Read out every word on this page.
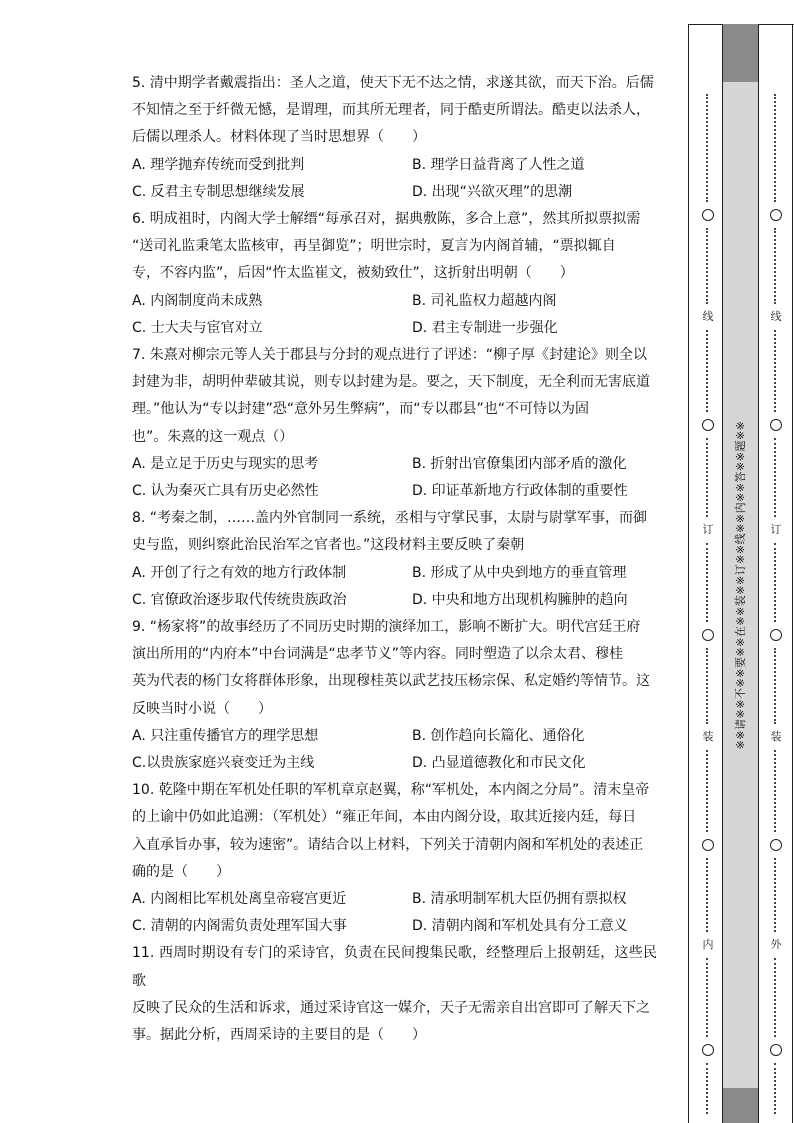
5. 清中期学者戴震指出：圣人之道，使天下无不达之情，求遂其欲，而天下治。后儒

不知情之至于纤微无憾，是谓理，而其所无理者，同于酷吏所谓法。酷吏以法杀人，

后儒以理杀人。材料体现了当时思想界（　　）

A. 理学抛弃传统而受到批判	B. 理学日益背离了人性之道
C. 反君主专制思想继续发展	D. 出现“兴欲灭理”的思潮

6. 明成祖时，内阁大学士解缙“每承召对，据典敷陈，多合上意”，然其所拟票拟需

“送司礼监秉笔太监核审，再呈御览”；明世宗时，夏言为内阁首辅，“票拟辄自

专，不容内监”，后因“忤太监崔文，被劾致仕”，这折射出明朝（　　）

A. 内阁制度尚未成熟	B. 司礼监权力超越内阁
C. 士大夫与宦官对立	D. 君主专制进一步强化

7. 朱熹对柳宗元等人关于郡县与分封的观点进行了评述：“柳子厚《封建论》则全以

封建为非，胡明仲辈破其说，则专以封建为是。要之，天下制度，无全利而无害底道

理。”他认为“专以封建”恐“意外另生弊病”，而“专以郡县”也“不可恃以为固

也”。朱熹的这一观点（）

A. 是立足于历史与现实的思考	B. 折射出官僚集团内部矛盾的激化
C. 认为秦灭亡具有历史必然性	D. 印证革新地方行政体制的重要性

8. “考秦之制，……盖内外官制同一系统，丞相与守掌民事，太尉与尉掌军事，而御

史与监，则纠察此治民治军之官者也。”这段材料主要反映了秦朝

A. 开创了行之有效的地方行政体制	B. 形成了从中央到地方的垂直管理
C. 官僚政治逐步取代传统贵族政治	D. 中央和地方出现机构臃肿的趋向

9. “杨家将”的故事经历了不同历史时期的演绎加工，影响不断扩大。明代宫廷王府

演出所用的“内府本”中台词满是“忠孝节义”等内容。同时塑造了以佘太君、穆桂

英为代表的杨门女将群体形象，出现穆桂英以武艺技压杨宗保、私定婚约等情节。这

反映当时小说（　　）

A. 只注重传播官方的理学思想	B. 创作趋向长篇化、通俗化
C.以贵族家庭兴衰变迁为主线	D. 凸显道德教化和市民文化

10. 乾隆中期在军机处任职的军机章京赵翼，称“军机处，本内阁之分局”。清末皇帝

的上谕中仍如此追溯：（军机处）“雍正年间，本由内阁分设，取其近接内廷，每日

入直承旨办事，较为速密”。请结合以上材料，下列关于清朝内阁和军机处的表述正

确的是（　　）

A. 内阁相比军机处离皇帝寝宫更近	B. 清承明制军机大臣仍拥有票拟权
C. 清朝的内阁需负责处理军国大事	D. 清朝内阁和军机处具有分工意义

11. 西周时期设有专门的采诗官，负责在民间搜集民歌，经整理后上报朝廷，这些民歌

反映了民众的生活和诉求，通过采诗官这一媒介，天子无需亲自出宫即可了解天下之

事。据此分析，西周采诗的主要目的是（　　）

※※请※※不※※要※※在※※装※※订※※线※※内※※答※※题※※
线
订
装
内
线
订
装
外
